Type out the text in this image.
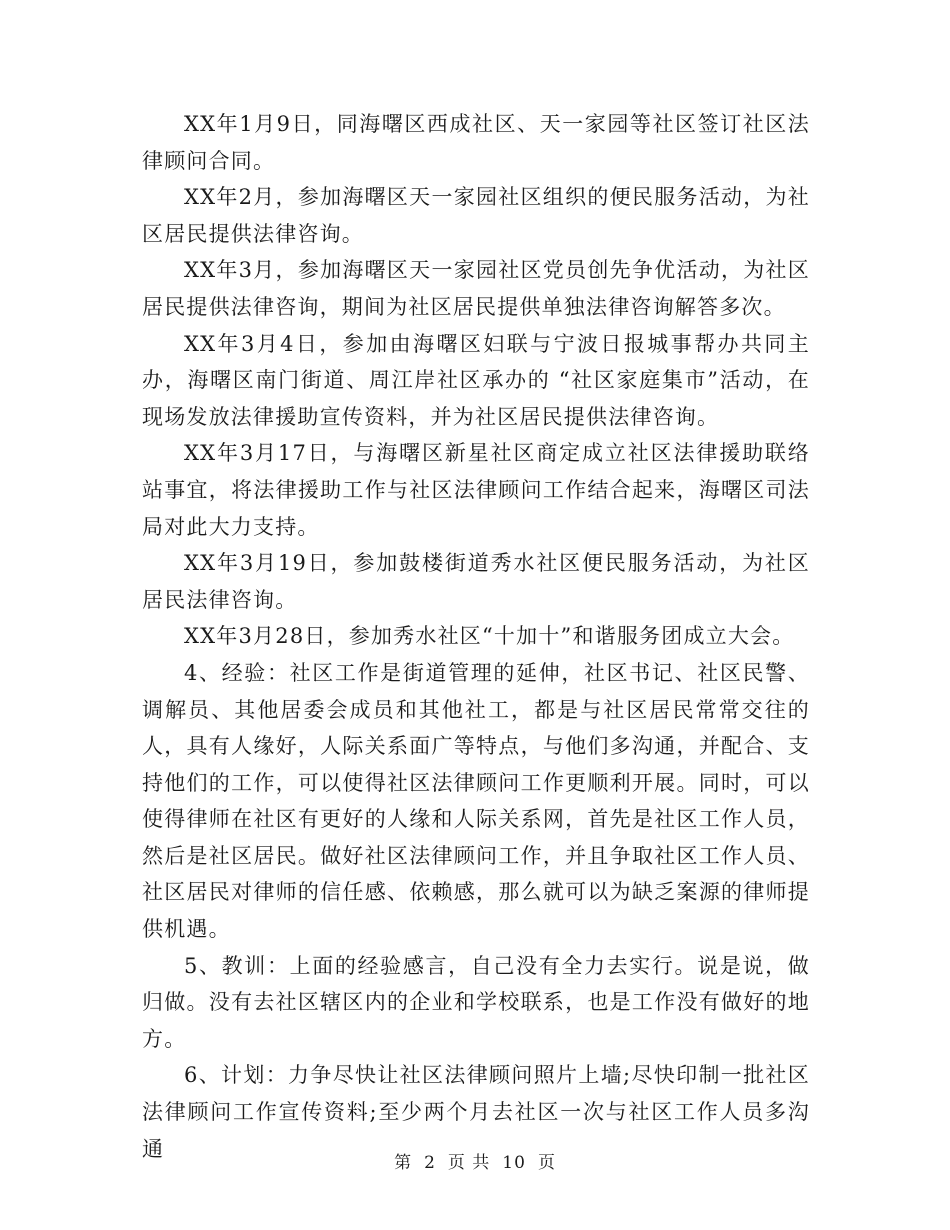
XX年1月9日，同海曙区西成社区、天一家园等社区签订社区法律顾问合同。

XX年2月，参加海曙区天一家园社区组织的便民服务活动，为社区居民提供法律咨询。

XX年3月，参加海曙区天一家园社区党员创先争优活动，为社区居民提供法律咨询，期间为社区居民提供单独法律咨询解答多次。

XX年3月4日，参加由海曙区妇联与宁波日报城事帮办共同主办，海曙区南门街道、周江岸社区承办的 “社区家庭集市”活动，在现场发放法律援助宣传资料，并为社区居民提供法律咨询。

XX年3月17日，与海曙区新星社区商定成立社区法律援助联络站事宜，将法律援助工作与社区法律顾问工作结合起来，海曙区司法局对此大力支持。

XX年3月19日，参加鼓楼街道秀水社区便民服务活动，为社区居民法律咨询。

XX年3月28日，参加秀水社区“十加十”和谐服务团成立大会。

4、经验：社区工作是街道管理的延伸，社区书记、社区民警、调解员、其他居委会成员和其他社工，都是与社区居民常常交往的人，具有人缘好，人际关系面广等特点，与他们多沟通，并配合、支持他们的工作，可以使得社区法律顾问工作更顺利开展。同时，可以使得律师在社区有更好的人缘和人际关系网，首先是社区工作人员，然后是社区居民。做好社区法律顾问工作，并且争取社区工作人员、社区居民对律师的信任感、依赖感，那么就可以为缺乏案源的律师提供机遇。

5、教训：上面的经验感言，自己没有全力去实行。说是说，做归做。没有去社区辖区内的企业和学校联系，也是工作没有做好的地方。

6、计划：力争尽快让社区法律顾问照片上墙;尽快印制一批社区法律顾问工作宣传资料;至少两个月去社区一次与社区工作人员多沟通

第 2 页 共 10 页
